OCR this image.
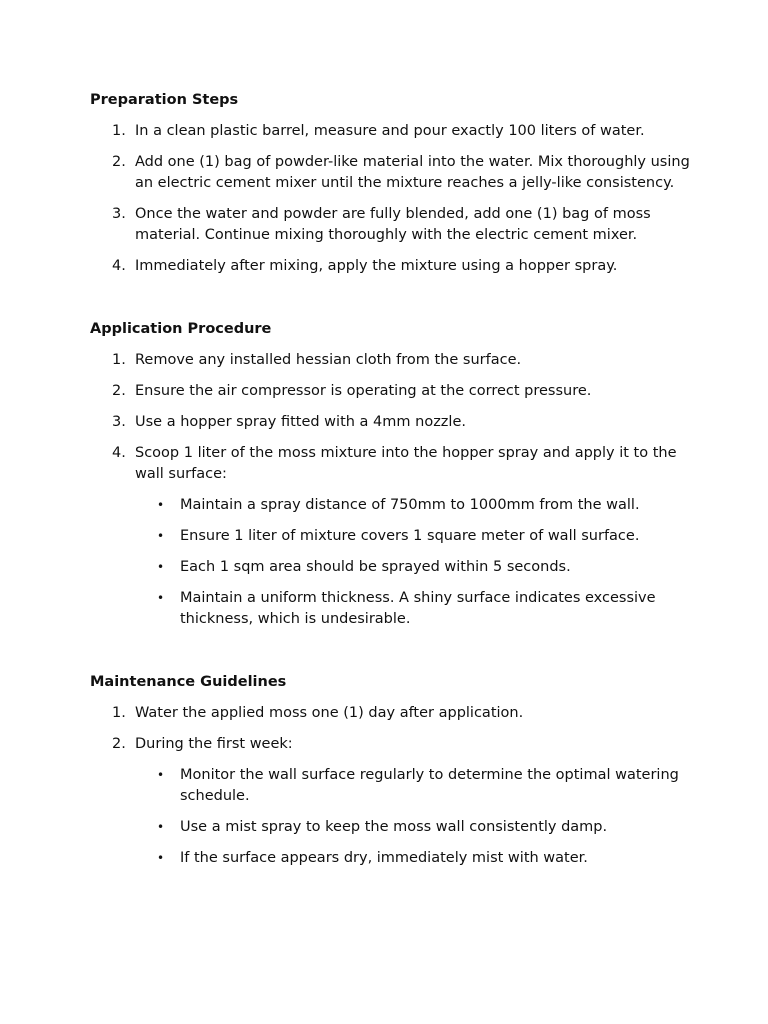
Preparation Steps
1. In a clean plastic barrel, measure and pour exactly 100 liters of water.
2. Add one (1) bag of powder-like material into the water. Mix thoroughly using an electric cement mixer until the mixture reaches a jelly-like consistency.
3. Once the water and powder are fully blended, add one (1) bag of moss material. Continue mixing thoroughly with the electric cement mixer.
4. Immediately after mixing, apply the mixture using a hopper spray.
Application Procedure
1. Remove any installed hessian cloth from the surface.
2. Ensure the air compressor is operating at the correct pressure.
3. Use a hopper spray fitted with a 4mm nozzle.
4. Scoop 1 liter of the moss mixture into the hopper spray and apply it to the wall surface:
• Maintain a spray distance of 750mm to 1000mm from the wall.
• Ensure 1 liter of mixture covers 1 square meter of wall surface.
• Each 1 sqm area should be sprayed within 5 seconds.
• Maintain a uniform thickness. A shiny surface indicates excessive thickness, which is undesirable.
Maintenance Guidelines
1. Water the applied moss one (1) day after application.
2. During the first week:
• Monitor the wall surface regularly to determine the optimal watering schedule.
• Use a mist spray to keep the moss wall consistently damp.
• If the surface appears dry, immediately mist with water.
